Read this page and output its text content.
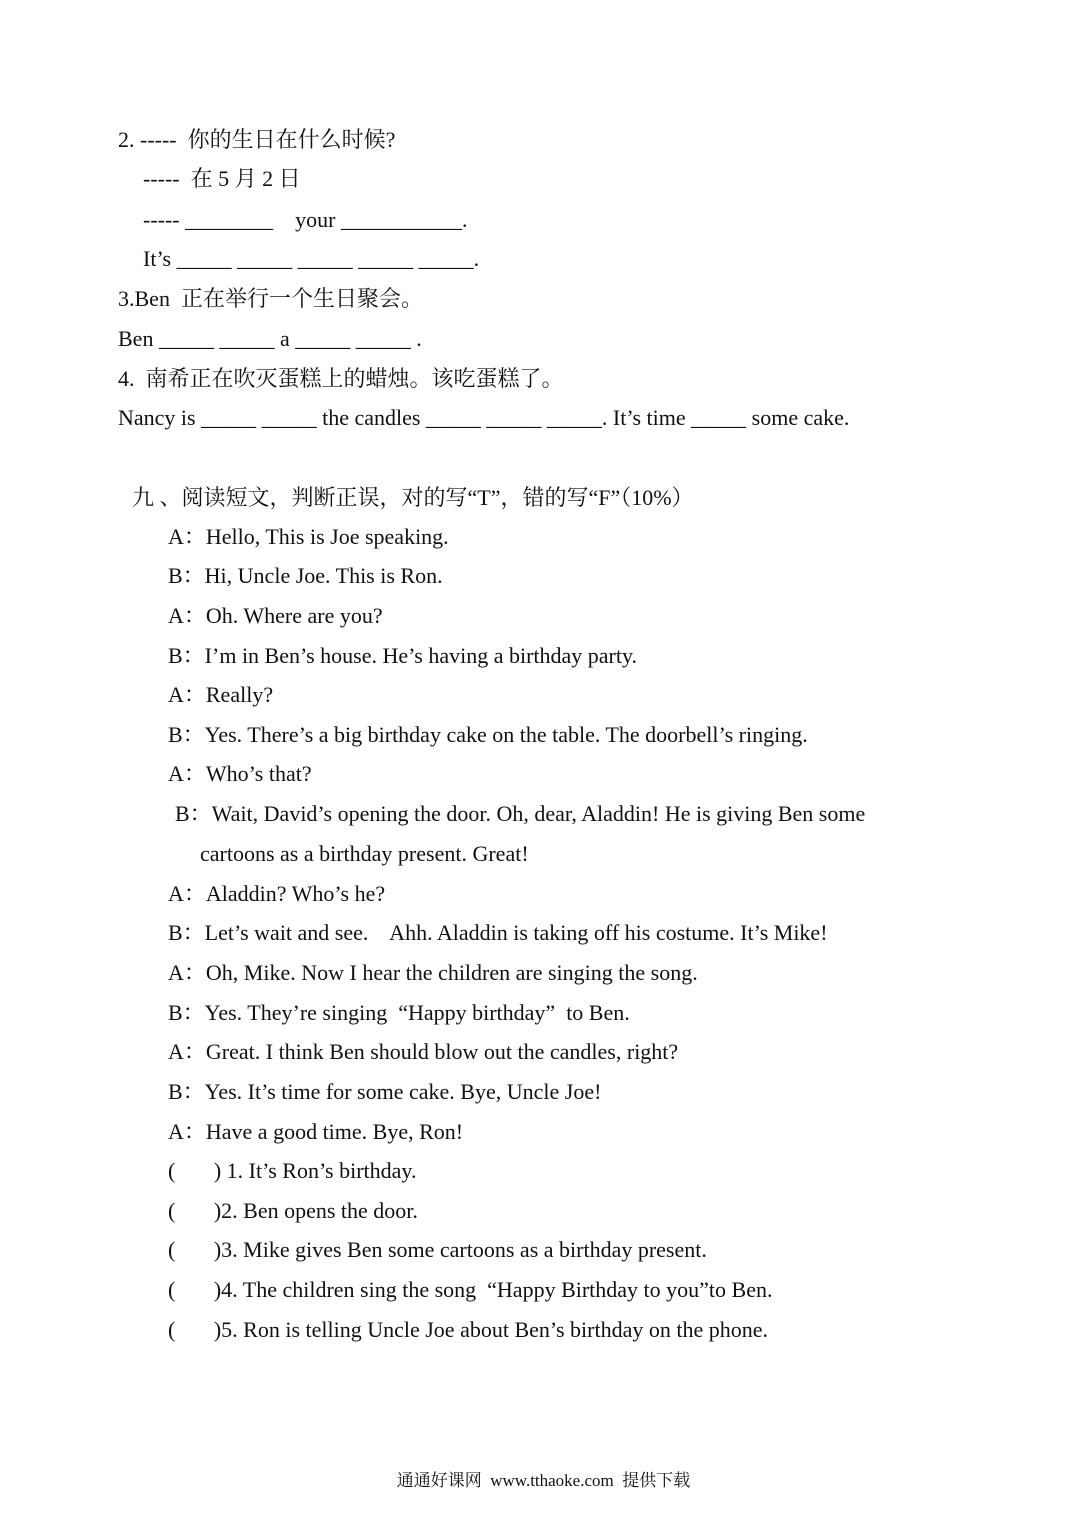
2. -----  你的生日在什么时候?
-----  在 5 月 2 日
----- ________    your ___________.
It’s _____ _____ _____ _____ _____.
3.Ben  正在举行一个生日聚会。
Ben _____ _____ a _____ _____ .
4.  南希正在吹灭蛋糕上的蜡烛。该吃蛋糕了。
Nancy is _____ _____ the candles _____ _____ _____. It’s time _____ some cake.
九 、阅读短文，判断正误，对的写“T”，错的写“F”（10%）
A：Hello, This is Joe speaking.
B：Hi, Uncle Joe. This is Ron.
A：Oh. Where are you?
B：I’m in Ben’s house. He’s having a birthday party.
A：Really?
B：Yes. There’s a big birthday cake on the table. The doorbell’s ringing.
A：Who’s that?
B：Wait, David’s opening the door. Oh, dear, Aladdin! He is giving Ben some
cartoons as a birthday present. Great!
A：Aladdin? Who’s he?
B：Let’s wait and see.    Ahh. Aladdin is taking off his costume. It’s Mike!
A：Oh, Mike. Now I hear the children are singing the song.
B：Yes. They’re singing  “Happy birthday”  to Ben.
A：Great. I think Ben should blow out the candles, right?
B：Yes. It’s time for some cake. Bye, Uncle Joe!
A：Have a good time. Bye, Ron!
(       ) 1. It’s Ron’s birthday.
(       )2. Ben opens the door.
(       )3. Mike gives Ben some cartoons as a birthday present.
(       )4. The children sing the song  “Happy Birthday to you”to Ben.
(       )5. Ron is telling Uncle Joe about Ben’s birthday on the phone.
通通好课网  www.tthaoke.com  提供下载
